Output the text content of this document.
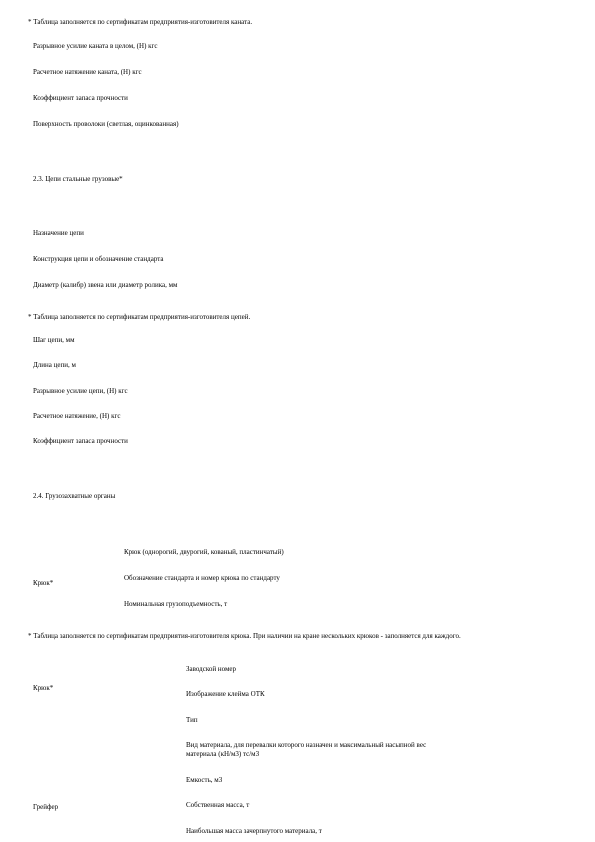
* Таблица заполняется по сертификатам предприятия-изготовителя каната.
Разрывное усилие каната в целом, (Н) кгс
Расчетное натяжение каната, (Н) кгс
Коэффициент запаса прочности
Поверхность проволоки (светлая, оцинкованная)
2.3. Цепи стальные грузовые*
Назначение цепи
Конструкция цепи и обозначение стандарта
Диаметр (калибр) звена или диаметр ролика, мм
* Таблица заполняется по сертификатам предприятия-изготовителя цепей.
Шаг цепи, мм
Длина цепи, м
Разрывное усилие цепи, (Н) кгс
Расчетное натяжение, (Н) кгс
Коэффициент запаса прочности
2.4. Грузозахватные органы
Крюк*
Крюк (однорогий, двурогий, кованый, пластинчатый)
Обозначение стандарта и номер крюка по стандарту
Номинальная грузоподъемность, т
* Таблица заполняется по сертификатам предприятия-изготовителя крюка. При наличии на кране нескольких крюков - заполняется для каждого.
Крюк*
Заводской номер
Изображение клейма ОТК
Тип
Вид материала, для перевалки которого назначен и максимальный насыпной вес материала (кН/м3) тс/м3
Емкость, м3
Грейфер	Собственная масса, т
Наибольшая масса зачерпнутого материала, т
